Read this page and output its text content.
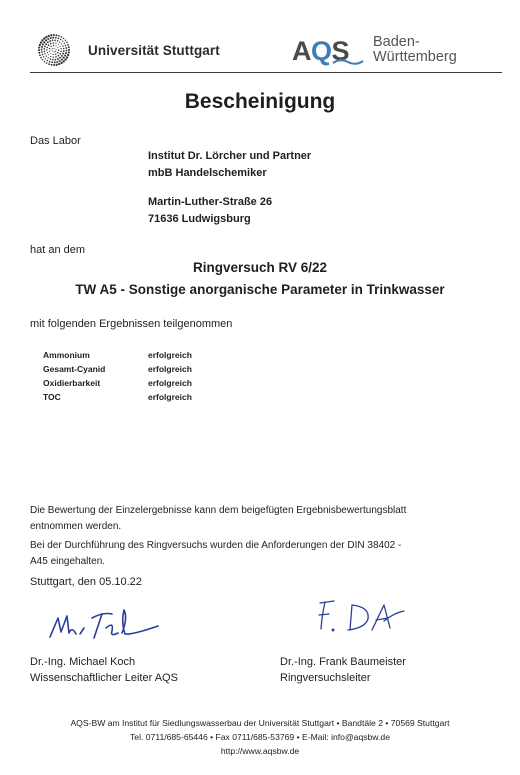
Universität Stuttgart	AQS Baden-
Württemberg
Bescheinigung
Das Labor
Institut Dr. Lörcher und Partner
mbB Handelschemiker
Martin-Luther-Straße 26
71636 Ludwigsburg
hat an dem
Ringversuch RV 6/22
TW A5 - Sonstige anorganische Parameter in Trinkwasser
mit folgenden Ergebnissen teilgenommen
Ammonium	erfolgreich
Gesamt-Cyanid	erfolgreich
Oxidierbarkeit	erfolgreich
TOC	erfolgreich
Die Bewertung der Einzelergebnisse kann dem beigefügten Ergebnisbewertungsblatt
entnommen werden.
Bei der Durchführung des Ringversuchs wurden die Anforderungen der DIN 38402 -
A45 eingehalten.
Stuttgart, den 05.10.22
Dr.-Ing. Michael Koch
Wissenschaftlicher Leiter AQS
Dr.-Ing. Frank Baumeister
Ringversuchsleiter
AQS-BW am Institut für Siedlungswasserbau der Universität Stuttgart • Bandtäle 2 • 70569 Stuttgart
Tel. 0711/685-65446 • Fax 0711/685-53769 • E-Mail: info@aqsbw.de
http://www.aqsbw.de
